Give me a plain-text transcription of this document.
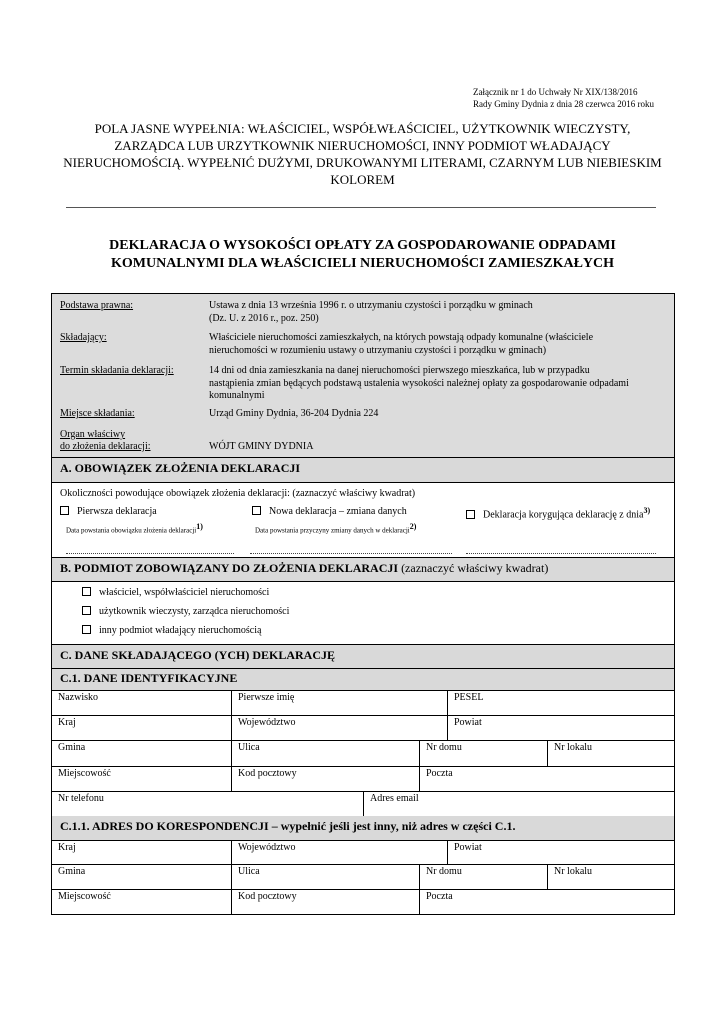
Załącznik nr 1 do Uchwały Nr XIX/138/2016
Rady Gminy Dydnia z dnia 28 czerwca 2016 roku
POLA JASNE WYPEŁNIA: WŁAŚCICIEL, WSPÓŁWŁAŚCICIEL, UŻYTKOWNIK WIECZYSTY,
ZARZĄDCA LUB URZYTKOWNIK NIERUCHOMOŚCI, INNY PODMIOT WŁADAJĄCY
NIERUCHOMOŚCIĄ. WYPEŁNIĆ DUŻYMI, DRUKOWANYMI LITERAMI, CZARNYM LUB NIEBIESKIM
KOLOREM
DEKLARACJA O WYSOKOŚCI OPŁATY ZA GOSPODAROWANIE ODPADAMI
KOMUNALNYMI DLA WŁAŚCICIELI NIERUCHOMOŚCI ZAMIESZKAŁYCH
Podstawa prawna:	Ustawa z dnia 13 września 1996 r. o utrzymaniu czystości i porządku w gminach
(Dz. U. z 2016 r., poz. 250)
Składający:	Właściciele nieruchomości zamieszkałych, na których powstają odpady komunalne (właściciele
nieruchomości w rozumieniu ustawy o utrzymaniu czystości i porządku w gminach)
Termin składania deklaracji:	14 dni od dnia zamieszkania na danej nieruchomości pierwszego mieszkańca, lub w przypadku
nastąpienia zmian będących podstawą ustalenia wysokości należnej opłaty za gospodarowanie odpadami
komunalnymi
Miejsce składania:	Urząd Gminy Dydnia, 36-204 Dydnia 224
Organ właściwy
do złożenia deklaracji:	WÓJT GMINY DYDNIA
A. OBOWIĄZEK ZŁOŻENIA DEKLARACJI
Okoliczności powodujące obowiązek złożenia deklaracji: (zaznaczyć właściwy kwadrat)
Pierwsza deklaracja
Data powstania obowiązku złożenia deklaracji$^{1)}$
Nowa deklaracja – zmiana danych
Data powstania przyczyny zmiany danych w deklaracji$^{2)}$
Deklaracja korygująca deklarację z dnia$^{3)}$
B. PODMIOT ZOBOWIĄZANY DO ZŁOŻENIA DEKLARACJI (zaznaczyć właściwy kwadrat)
właściciel, współwłaściciel nieruchomości
użytkownik wieczysty, zarządca nieruchomości
inny podmiot władający nieruchomością
C. DANE SKŁADAJĄCEGO (YCH) DEKLARACJĘ
C.1. DANE IDENTYFIKACYJNE
Nazwisko	Pierwsze imię	PESEL
Kraj	Województwo	Powiat
Gmina	Ulica	Nr domu	Nr lokalu
Miejscowość	Kod pocztowy	Poczta
Nr telefonu	Adres email
C.1.1. ADRES DO KORESPONDENCJI – wypełnić jeśli jest inny, niż adres w części C.1.
Kraj	Województwo	Powiat
Gmina	Ulica	Nr domu	Nr lokalu
Miejscowość	Kod pocztowy	Poczta
